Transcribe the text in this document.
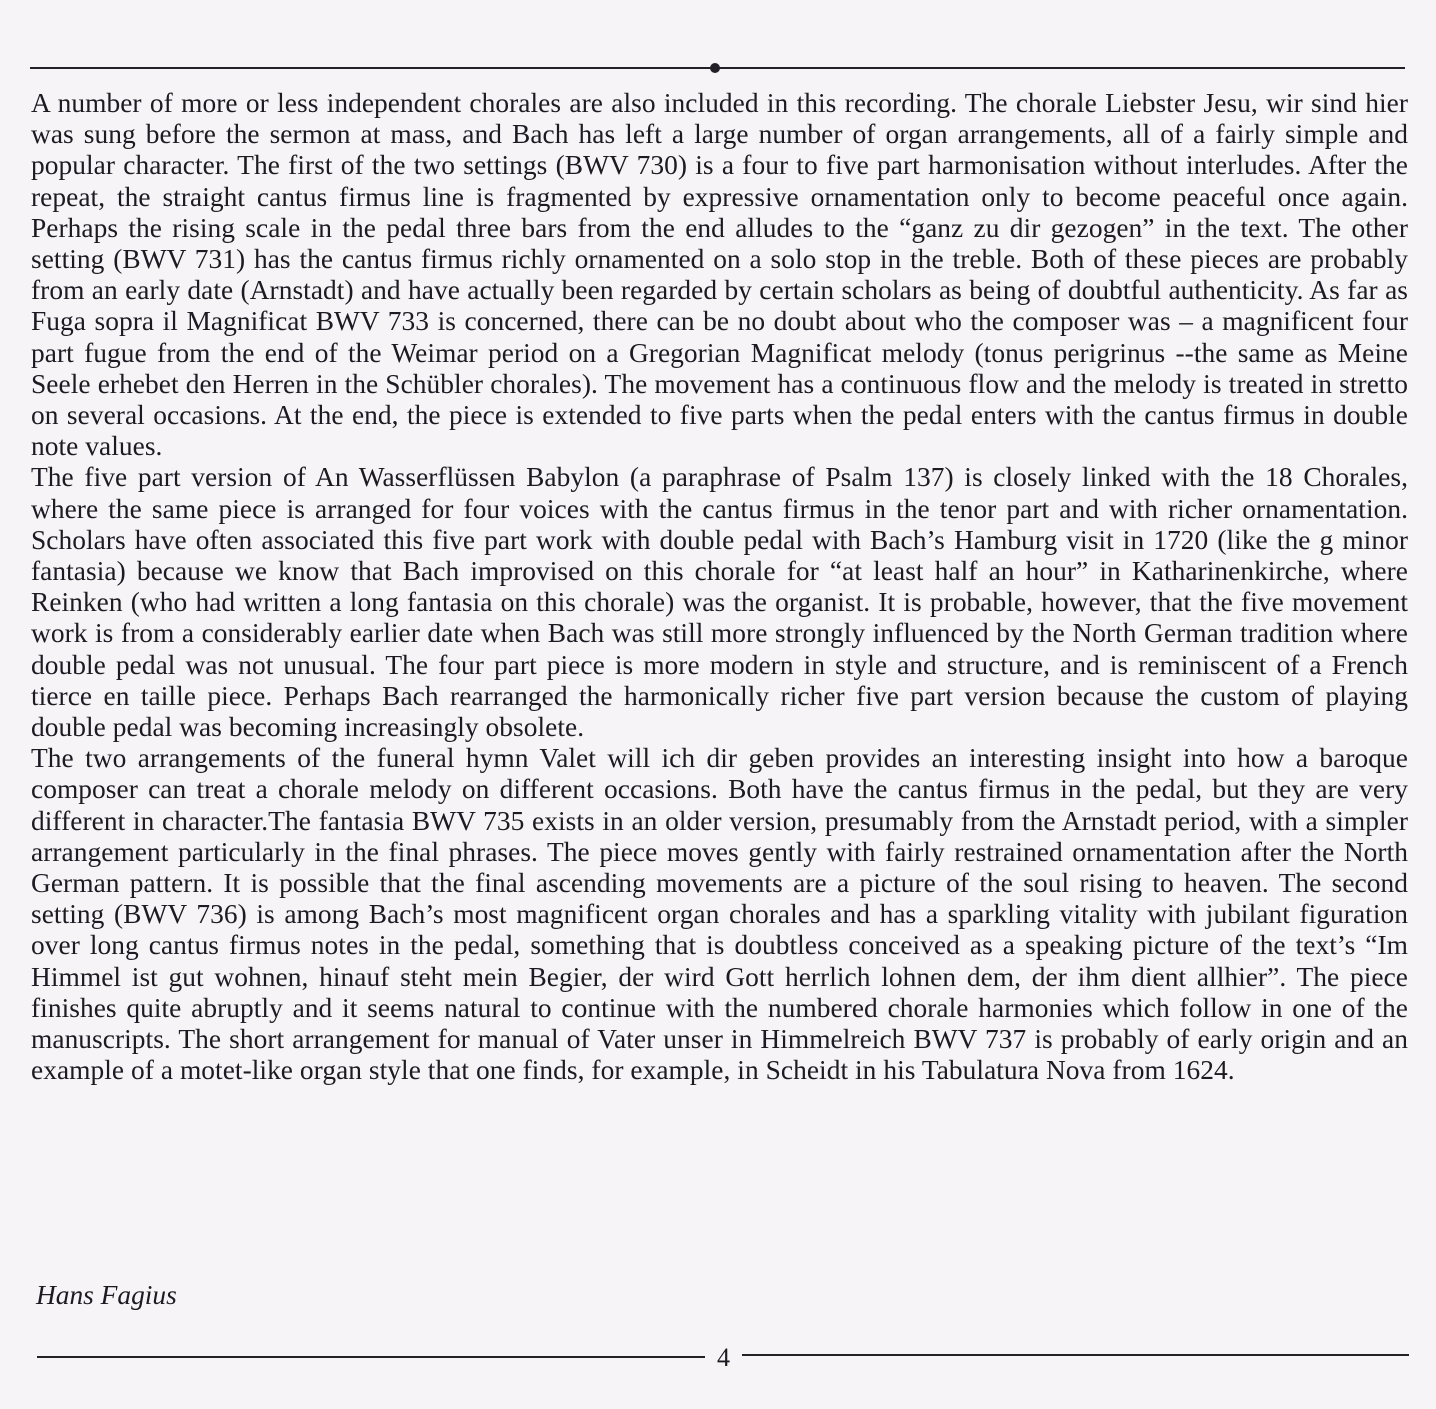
A number of more or less independent chorales are also included in this recording. The chorale Liebster Jesu, wir sind hier was sung before the sermon at mass, and Bach has left a large number of organ arrangements, all of a fairly simple and popular character. The first of the two settings (BWV 730) is a four to five part harmonisation without interludes. After the repeat, the straight cantus firmus line is fragmented by expressive ornamentation only to become peaceful once again. Perhaps the rising scale in the pedal three bars from the end alludes to the “ganz zu dir gezogen” in the text. The other setting (BWV 731) has the cantus firmus richly ornamented on a solo stop in the treble. Both of these pieces are probably from an early date (Arnstadt) and have actually been regarded by certain scholars as being of doubtful authenticity. As far as Fuga sopra il Magnificat BWV 733 is concerned, there can be no doubt about who the composer was – a magnificent four part fugue from the end of the Weimar period on a Gregorian Magnificat melody (tonus perigrinus --the same as Meine Seele erhebet den Herren in the Schübler chorales). The movement has a continuous flow and the melody is treated in stretto on several occasions. At the end, the piece is extended to five parts when the pedal enters with the cantus firmus in double note values.

The five part version of An Wasserflüssen Babylon (a paraphrase of Psalm 137) is closely linked with the 18 Chorales, where the same piece is arranged for four voices with the cantus firmus in the tenor part and with richer ornamentation. Scholars have often associated this five part work with double pedal with Bach’s Hamburg visit in 1720 (like the g minor fantasia) because we know that Bach improvised on this chorale for “at least half an hour” in Katharinenkirche, where Reinken (who had written a long fantasia on this chorale) was the organist. It is probable, however, that the five movement work is from a considerably earlier date when Bach was still more strongly influenced by the North German tradition where double pedal was not unusual. The four part piece is more modern in style and structure, and is reminiscent of a French tierce en taille piece. Perhaps Bach rearranged the harmonically richer five part version because the custom of playing double pedal was becoming increasingly obsolete.

The two arrangements of the funeral hymn Valet will ich dir geben provides an interesting insight into how a baroque composer can treat a chorale melody on different occasions. Both have the cantus firmus in the pedal, but they are very different in character.The fantasia BWV 735 exists in an older version, presumably from the Arnstadt period, with a simpler arrangement particularly in the final phrases. The piece moves gently with fairly restrained ornamentation after the North German pattern. It is possible that the final ascending movements are a picture of the soul rising to heaven. The second setting (BWV 736) is among Bach’s most magnificent organ chorales and has a sparkling vitality with jubilant figuration over long cantus firmus notes in the pedal, something that is doubtless conceived as a speaking picture of the text’s “Im Himmel ist gut wohnen, hinauf steht mein Begier, der wird Gott herrlich lohnen dem, der ihm dient allhier”. The piece finishes quite abruptly and it seems natural to continue with the numbered chorale harmonies which follow in one of the manuscripts. The short arrangement for manual of Vater unser in Himmelreich BWV 737 is probably of early origin and an example of a motet-like organ style that one finds, for example, in Scheidt in his Tabulatura Nova from 1624.

Hans Fagius
4
